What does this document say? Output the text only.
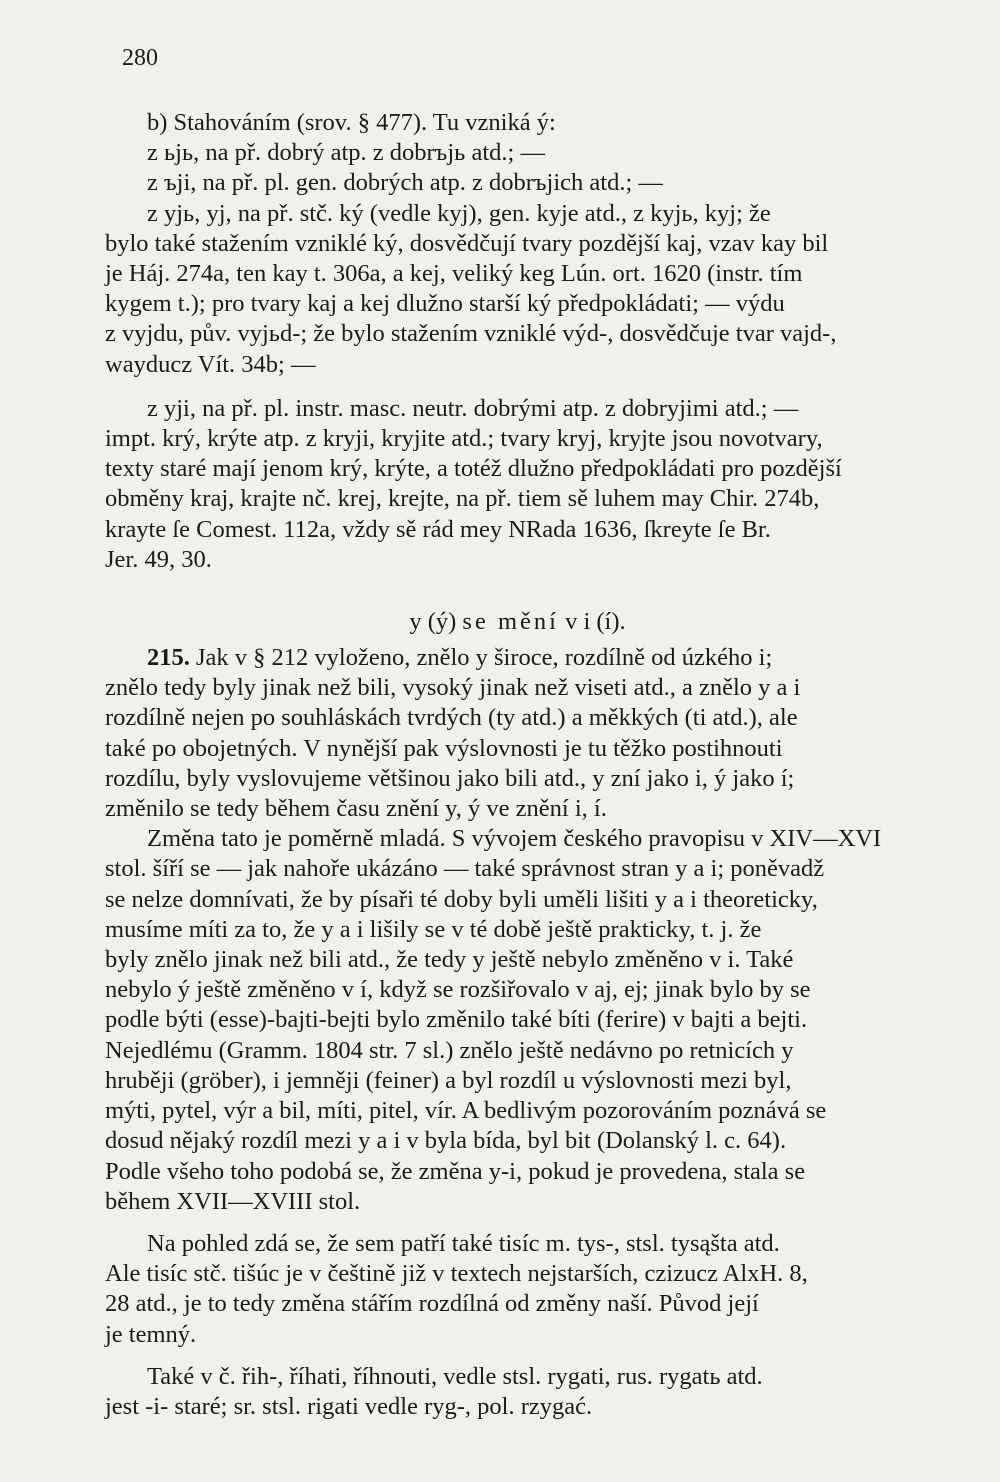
280
b) Stahováním (srov. § 477). Tu vzniká ý:
z ьjь, na př. dobrý atp. z dobrъjь atd.; —
z ъji, na př. pl. gen. dobrých atp. z dobrъjich atd.; —
z yjь, yj, na př. stč. ký (vedle kyj), gen. kyje atd., z kyjь, kyj; že
bylo také stažením vzniklé ký, dosvědčují tvary pozdější kaj, vzav kay bil
je Háj. 274a, ten kay t. 306a, a kej, veliký keg Lún. ort. 1620 (instr. tím
kygem t.); pro tvary kaj a kej dlužno starší ký předpokládati; — výdu
z vyjdu, pův. vyjьd-; že bylo stažením vzniklé výd-, dosvědčuje tvar vajd-,
wayducz Vít. 34b; —
z yji, na př. pl. instr. masc. neutr. dobrými atp. z dobryjimi atd.; —
impt. krý, krýte atp. z kryji, kryjite atd.; tvary kryj, kryjte jsou novotvary,
texty staré mají jenom krý, krýte, a totéž dlužno předpokládati pro pozdější
obměny kraj, krajte nč. krej, krejte, na př. tiem sě luhem may Chir. 274b,
krayte ſe Comest. 112a, vždy sě rád mey NRada 1636, ſkreyte ſe Br.
Jer. 49, 30.
y (ý) se mění v i (í).
215. Jak v § 212 vyloženo, znělo y široce, rozdílně od úzkého i;
znělo tedy byly jinak než bili, vysoký jinak než viseti atd., a znělo y a i
rozdílně nejen po souhláskách tvrdých (ty atd.) a měkkých (ti atd.), ale
také po obojetných. V nynější pak výslovnosti je tu těžko postihnouti
rozdílu, byly vyslovujeme většinou jako bili atd., y zní jako i, ý jako í;
změnilo se tedy během času znění y, ý ve znění i, í.
Změna tato je poměrně mladá. S vývojem českého pravopisu v XIV—XVI
stol. šíří se — jak nahoře ukázáno — také správnost stran y a i; poněvadž
se nelze domnívati, že by písaři té doby byli uměli lišiti y a i theoreticky,
musíme míti za to, že y a i lišily se v té době ještě prakticky, t. j. že
byly znělo jinak než bili atd., že tedy y ještě nebylo změněno v i. Také
nebylo ý ještě změněno v í, když se rozšiřovalo v aj, ej; jinak bylo by se
podle býti (esse)-bajti-bejti bylo změnilo také bíti (ferire) v bajti a bejti.
Nejedlému (Gramm. 1804 str. 7 sl.) znělo ještě nedávno po retnicích y
hruběji (gröber), i jemněji (feiner) a byl rozdíl u výslovnosti mezi byl,
mýti, pytel, výr a bil, míti, pitel, vír. A bedlivým pozorováním poznává se
dosud nějaký rozdíl mezi y a i v byla bída, byl bit (Dolanský l. c. 64).
Podle všeho toho podobá se, že změna y-i, pokud je provedena, stala se
během XVII—XVIII stol.
Na pohled zdá se, že sem patří také tisíc m. tys-, stsl. tysąšta atd.
Ale tisíc stč. tišúc je v češtině již v textech nejstarších, czizucz AlxH. 8,
28 atd., je to tedy změna stářím rozdílná od změny naší. Původ její
je temný.
Také v č. řih-, říhati, říhnouti, vedle stsl. rygati, rus. rygatь atd.
jest -i- staré; sr. stsl. rigati vedle ryg-, pol. rzygać.
